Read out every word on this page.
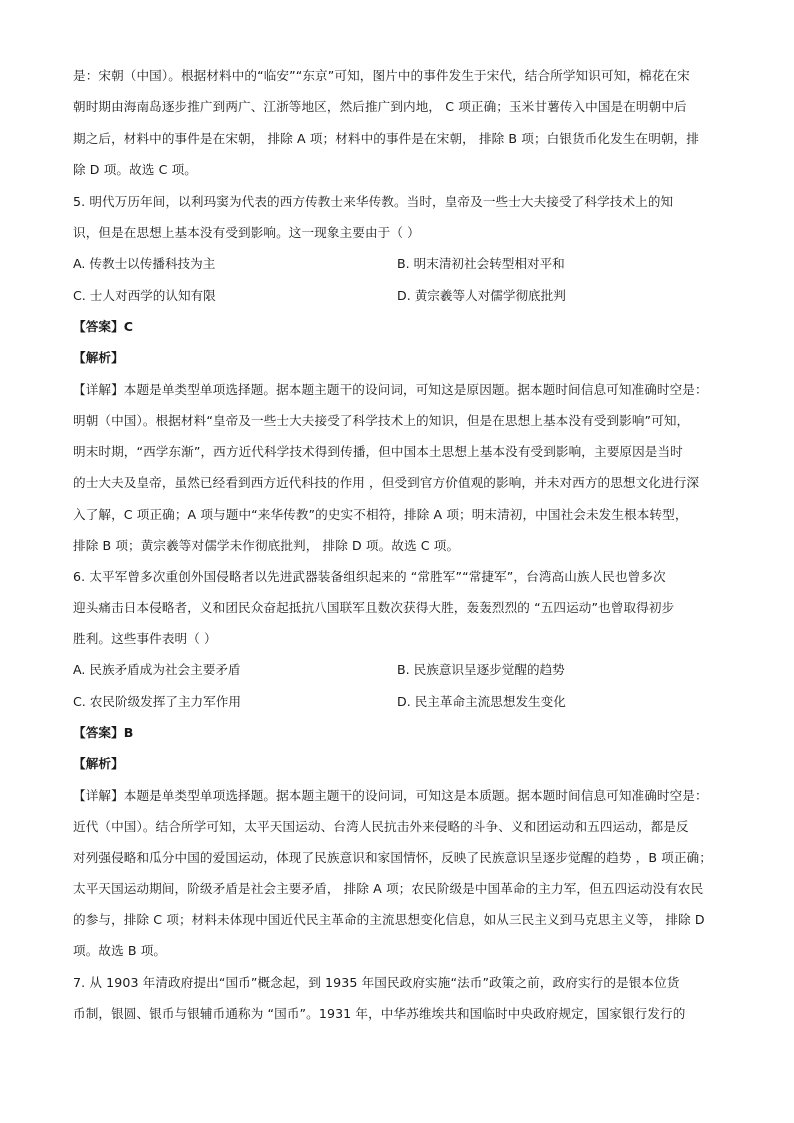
是：宋朝（中国）。根据材料中的“临安”“东京”可知，图片中的事件发生于宋代，结合所学知识可知，棉花在宋
朝时期由海南岛逐步推广到两广、江浙等地区，然后推广到内地， C 项正确；玉米甘薯传入中国是在明朝中后
期之后，材料中的事件是在宋朝， 排除 A 项；材料中的事件是在宋朝， 排除 B 项；白银货币化发生在明朝，排
除 D 项。故选 C 项。
5. 明代万历年间，以利玛窦为代表的西方传教士来华传教。当时，皇帝及一些士大夫接受了科学技术上的知
识，但是在思想上基本没有受到影响。这一现象主要由于（ ）
A. 传教士以传播科技为主	B. 明末清初社会转型相对平和
C. 士人对西学的认知有限	D. 黄宗羲等人对儒学彻底批判
【答案】C
【解析】
【详解】本题是单类型单项选择题。据本题主题干的设问词，可知这是原因题。据本题时间信息可知准确时空是：
明朝（中国）。根据材料“皇帝及一些士大夫接受了科学技术上的知识，但是在思想上基本没有受到影响”可知，
明末时期，“西学东渐”，西方近代科学技术得到传播，但中国本土思想上基本没有受到影响，主要原因是当时
的士大夫及皇帝，虽然已经看到西方近代科技的作用 ，但受到官方价值观的影响，并未对西方的思想文化进行深
入了解，C 项正确；A 项与题中“来华传教”的史实不相符，排除 A 项；明末清初，中国社会未发生根本转型，
排除 B 项；黄宗羲等对儒学未作彻底批判， 排除 D 项。故选 C 项。
6. 太平军曾多次重创外国侵略者以先进武器装备组织起来的 “常胜军”“常捷军”，台湾高山族人民也曾多次
迎头痛击日本侵略者，义和团民众奋起抵抗八国联军且数次获得大胜，轰轰烈烈的 “五四运动”也曾取得初步
胜利。这些事件表明（ ）
A. 民族矛盾成为社会主要矛盾	B. 民族意识呈逐步觉醒的趋势
C. 农民阶级发挥了主力军作用	D. 民主革命主流思想发生变化
【答案】B
【解析】
【详解】本题是单类型单项选择题。据本题主题干的设问词，可知这是本质题。据本题时间信息可知准确时空是：
近代（中国）。结合所学可知，太平天国运动、台湾人民抗击外来侵略的斗争、义和团运动和五四运动，都是反
对列强侵略和瓜分中国的爱国运动，体现了民族意识和家国情怀，反映了民族意识呈逐步觉醒的趋势 ，B 项正确；
太平天国运动期间，阶级矛盾是社会主要矛盾， 排除 A 项；农民阶级是中国革命的主力军，但五四运动没有农民
的参与，排除 C 项；材料未体现中国近代民主革命的主流思想变化信息，如从三民主义到马克思主义等， 排除 D
项。故选 B 项。
7. 从 1903 年清政府提出“国币”概念起，到 1935 年国民政府实施“法币”政策之前，政府实行的是银本位货
币制，银圆、银币与银辅币通称为 “国币”。1931 年，中华苏维埃共和国临时中央政府规定，国家银行发行的
